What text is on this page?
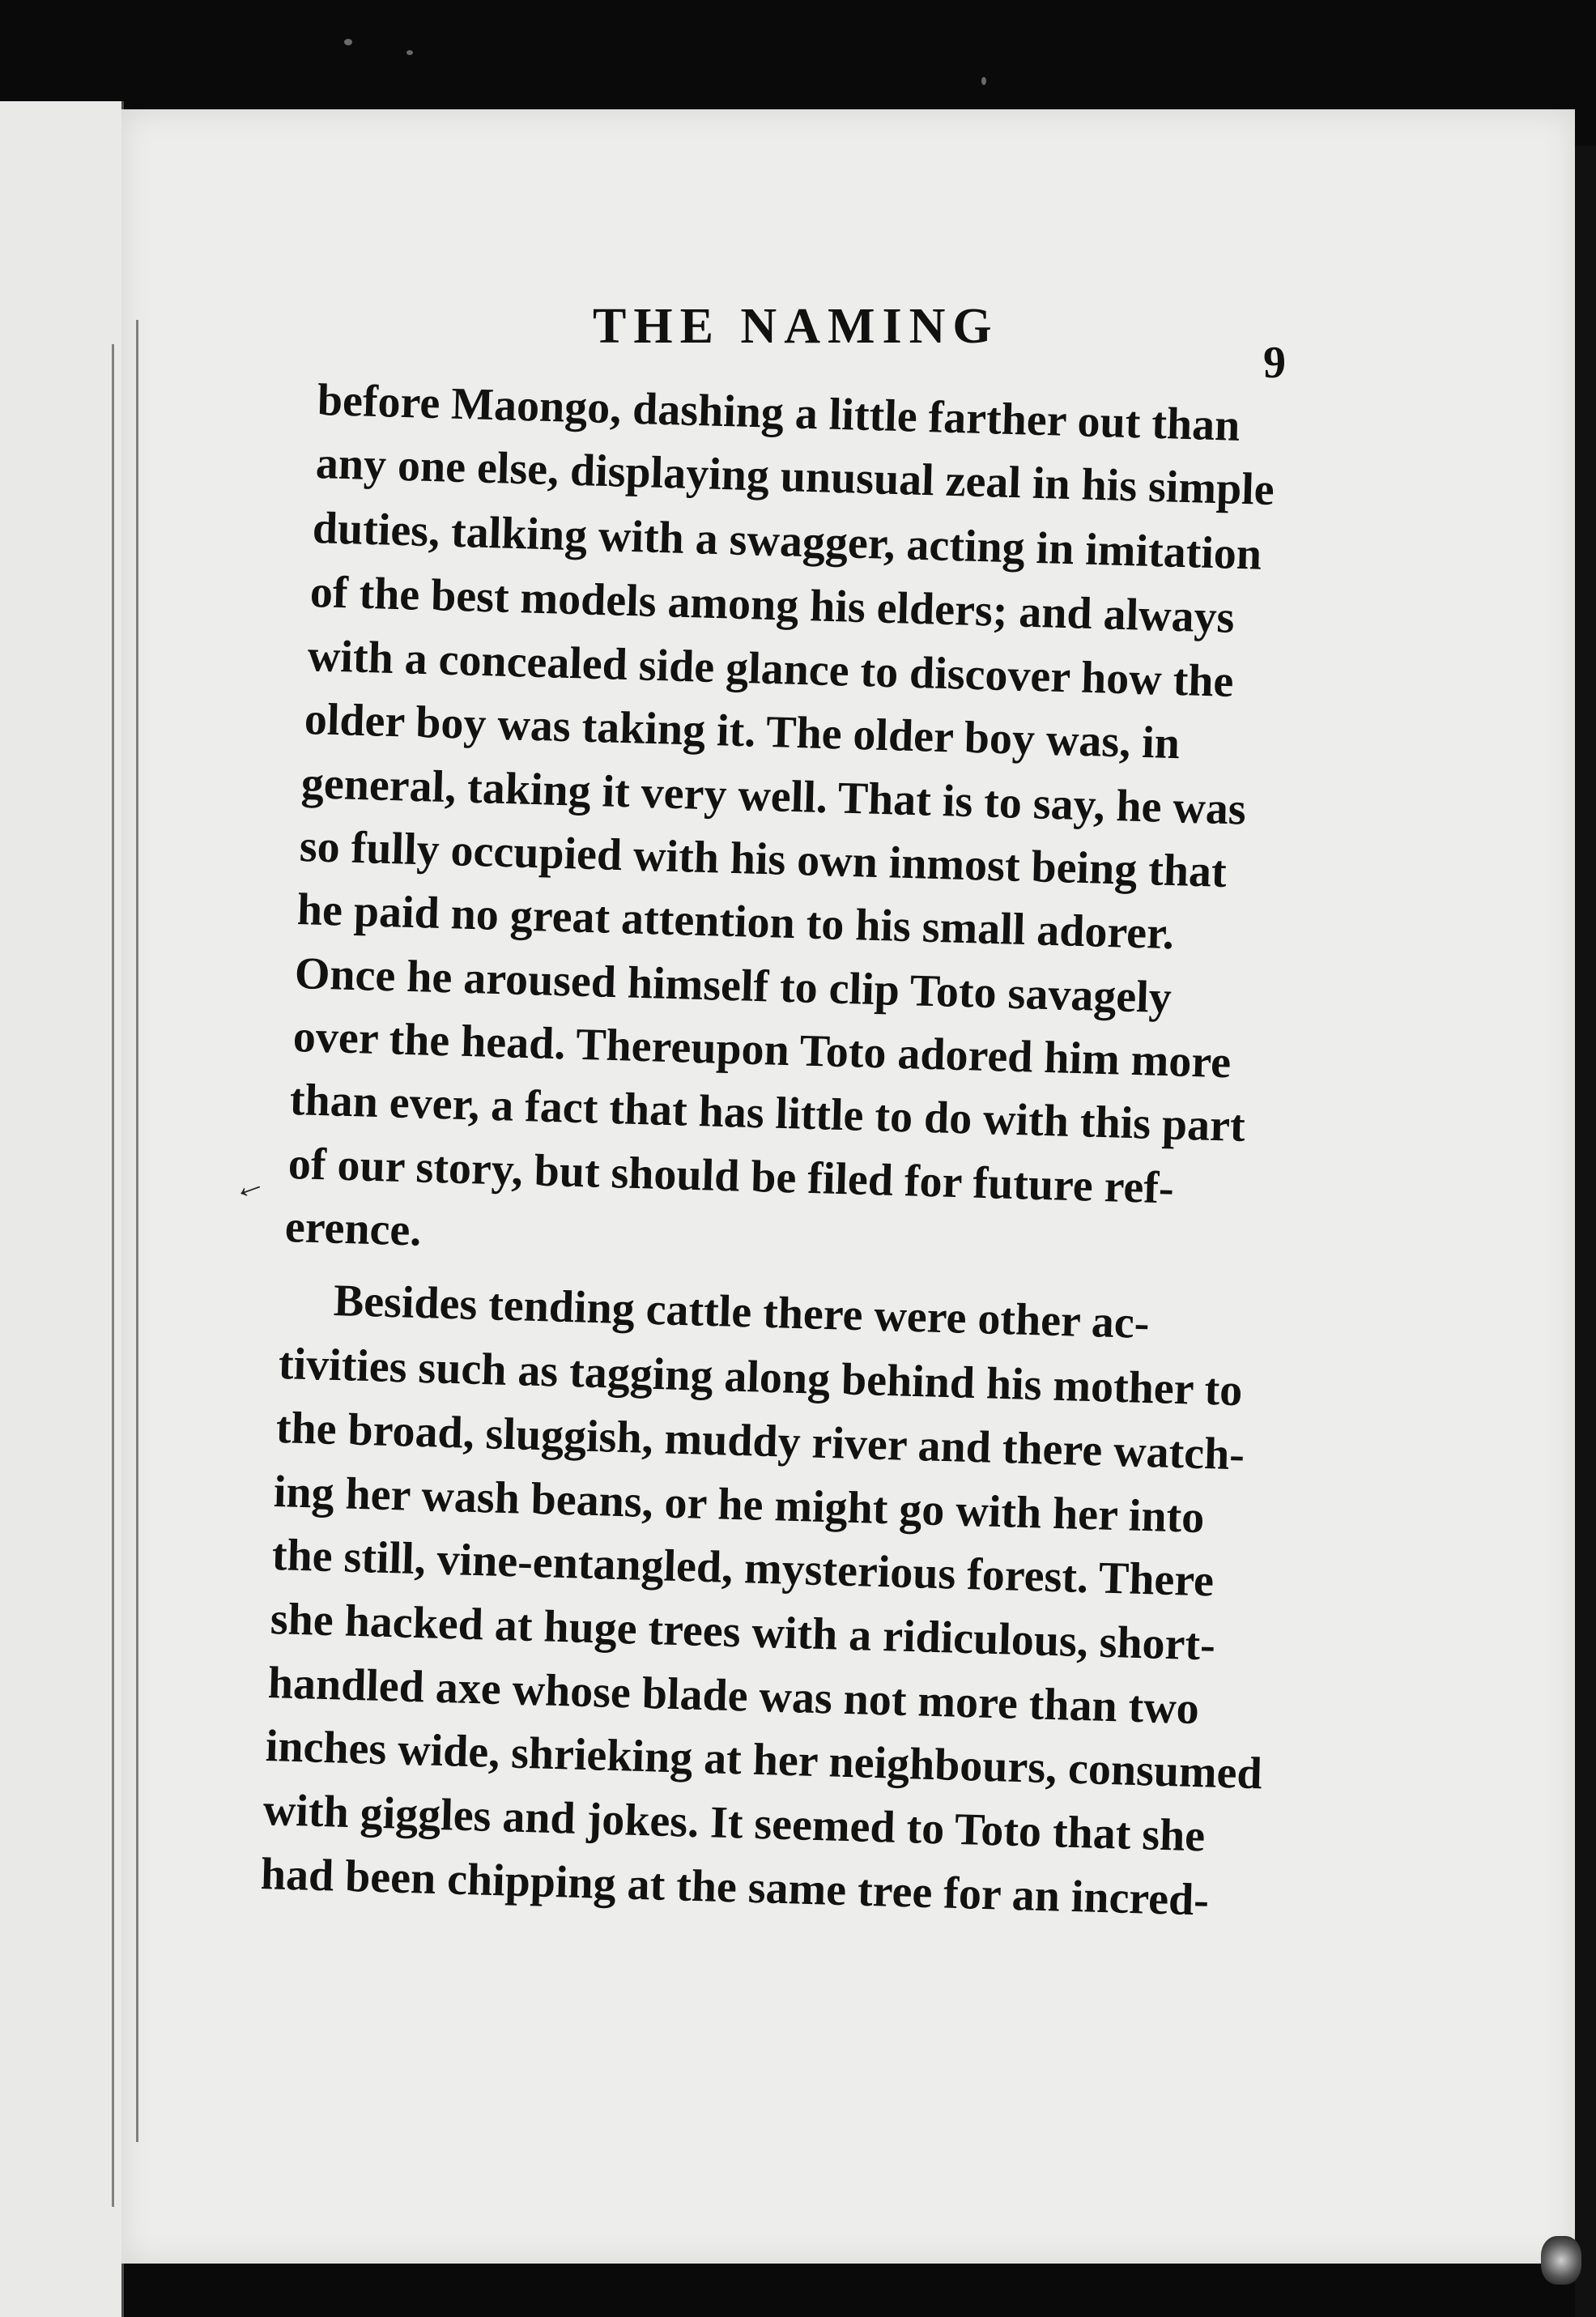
THE NAMING
9
before Maongo, dashing a little farther out than
any one else, displaying unusual zeal in his simple
duties, talking with a swagger, acting in imitation
of the best models among his elders; and always
with a concealed side glance to discover how the
older boy was taking it. The older boy was, in
general, taking it very well. That is to say, he was
so fully occupied with his own inmost being that
he paid no great attention to his small adorer.
Once he aroused himself to clip Toto savagely
over the head. Thereupon Toto adored him more
than ever, a fact that has little to do with this part
of our story, but should be filed for future ref-
erence.
Besides tending cattle there were other ac-
tivities such as tagging along behind his mother to
the broad, sluggish, muddy river and there watch-
ing her wash beans, or he might go with her into
the still, vine-entangled, mysterious forest. There
she hacked at huge trees with a ridiculous, short-
handled axe whose blade was not more than two
inches wide, shrieking at her neighbours, consumed
with giggles and jokes. It seemed to Toto that she
had been chipping at the same tree for an incred-
←
